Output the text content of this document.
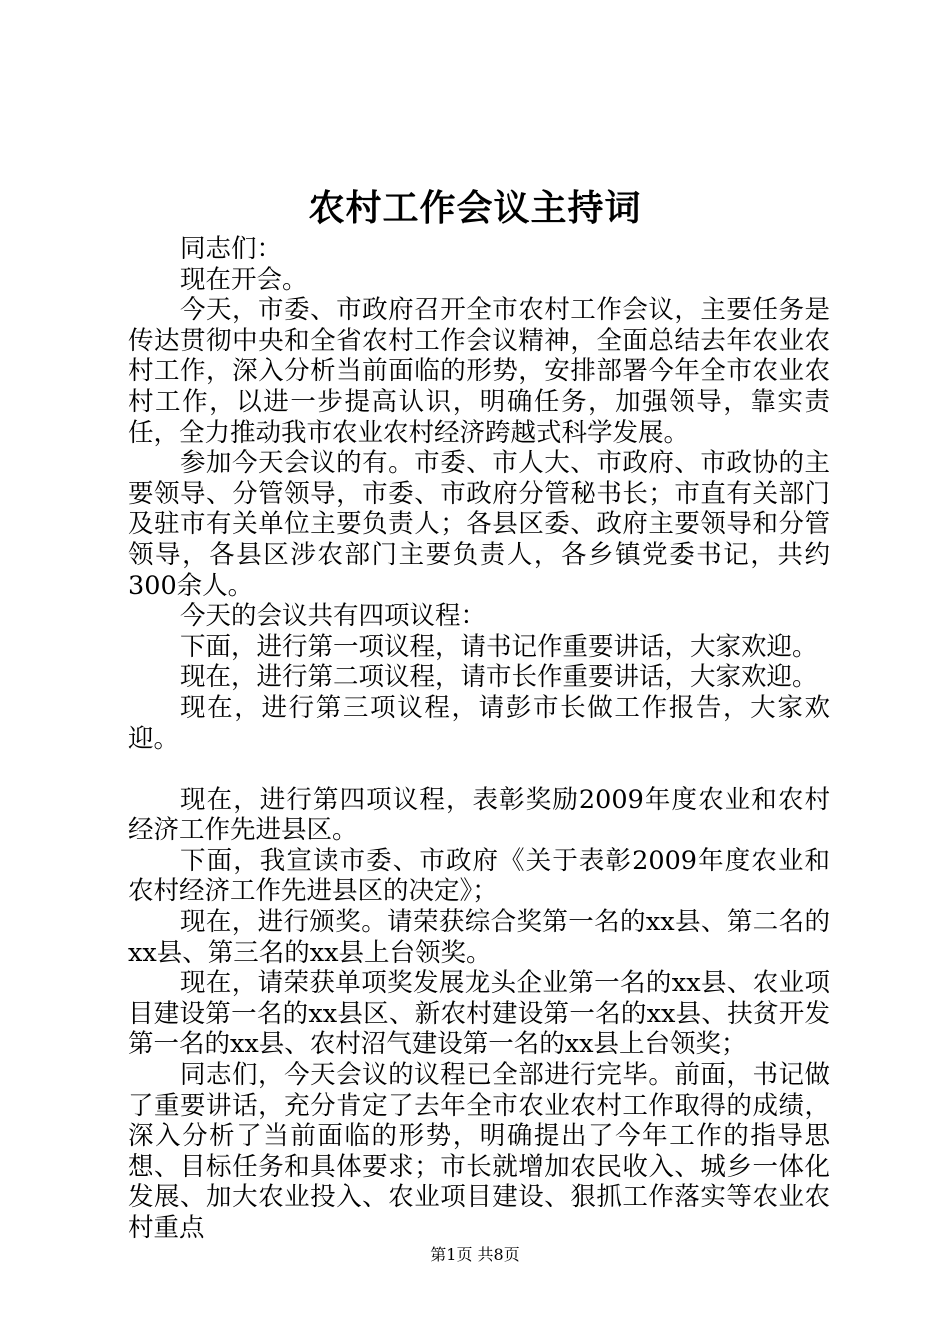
农村工作会议主持词

同志们：

现在开会。

今天，市委、市政府召开全市农村工作会议，主要任务是传达贯彻中央和全省农村工作会议精神，全面总结去年农业农村工作，深入分析当前面临的形势，安排部署今年全市农业农村工作，以进一步提高认识，明确任务，加强领导，靠实责任，全力推动我市农业农村经济跨越式科学发展。

参加今天会议的有。市委、市人大、市政府、市政协的主要领导、分管领导，市委、市政府分管秘书长；市直有关部门及驻市有关单位主要负责人；各县区委、政府主要领导和分管领导，各县区涉农部门主要负责人，各乡镇党委书记，共约300余人。

今天的会议共有四项议程：

下面，进行第一项议程，请书记作重要讲话，大家欢迎。

现在，进行第二项议程，请市长作重要讲话，大家欢迎。

现在，进行第三项议程，请彭市长做工作报告，大家欢迎。

现在，进行第四项议程，表彰奖励2009年度农业和农村经济工作先进县区。

下面，我宣读市委、市政府《关于表彰2009年度农业和农村经济工作先进县区的决定》；

现在，进行颁奖。请荣获综合奖第一名的xx县、第二名的xx县、第三名的xx县上台领奖。

现在，请荣获单项奖发展龙头企业第一名的xx县、农业项目建设第一名的xx县区、新农村建设第一名的xx县、扶贫开发第一名的xx县、农村沼气建设第一名的xx县上台领奖；

同志们，今天会议的议程已全部进行完毕。前面，书记做了重要讲话，充分肯定了去年全市农业农村工作取得的成绩，深入分析了当前面临的形势，明确提出了今年工作的指导思想、目标任务和具体要求；市长就增加农民收入、城乡一体化发展、加大农业投入、农业项目建设、狠抓工作落实等农业农村重点

第1页 共8页
